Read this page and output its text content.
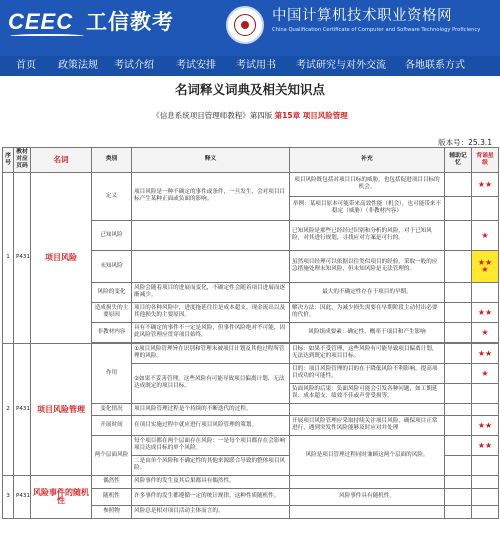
CEEC 工信教考	中国计算机技术职业资格网
China Qualification Certificate of Computer and Software Technology Proficiency
首页 政策法规 考试介绍 考试安排 考试用书 考试研究与对外交流 各地联系方式
名词释义词典及相关知识点
《信息系统项目管理师教程》第四版 第15章 项目风险管理
版本号：25.3.1
序号	教材对应页码	名词	类别	释义	补充	辅助记忆	背诵星级
1	P431	项目风险	定义	项目风险是一种不确定的事件或条件，一旦发生，会对项目目标产生某种正面或负面的影响。	项目风险既包括对项目目标的威胁，也包括促进项目目标的机会。		★★
					举例：某项目原本可能带来高效性能（机会），也可能带来不稳定（威胁）（非教材内容）		
			已知风险		已知风险是那些已经经过识别和分析的风险，对于已知风险，对其进行规划，寻找应对方案是可行的。		★
			未知风险		虽然项目经理可以依据以往类似项目的经验，采取一般的应急措施处理未知风险，但未知风险是无法管理的。		★★ ★
			风险的变化	风险会随着项目的进展而变化，不确定性会随着项目进展而逐渐减少。	最大的不确定性存在于项目的早期。		
			造成损失的主要原因	项目的各种风险中，进度拖延往往是成本超支、现金流出以及其他损失的主要原因。	解决方法：因此，为减少损失需要在早期阶段主动付出必要的代价。		★★
			非教材内容	具有不确定的事件不一定是风险，但事件风险绝对不可能，因此风险管理应贯穿项目始终。	风险组成要素：确定性、概率于项目和产生影响		★

2	P431	项目风险管理	作用	①项目风险管理旨在识别和管理未被项目计划及其他过程所管理的风险。	目标：如果不受管理，这些风险有可能导致项目偏离计划，无法达到既定的项目目标。		★★
				②如果不妥善管理，这些风险有可能导致项目偏离计划，无法达成既定的项目目标。	目的：项目风险管理的目的在于降低风险不利影响，提高项目成功的可能性。		★
					负面风险的后果：负面风险可能会引发各种问题，如工期延误、成本超支、绩效不佳或声誉受损等。		
			变化情况	项目风险管理过程是个持续的不断迭代的过程。			
			开展时间	在项目实施过程中就应进行项目风险管理的策划。	开展项目风险管理应采取持续关注项目风险，确保项目正常进行，遇到突发性风险能够及时应对并处理		★★
			两个层面风险	每个项目都在两个层面存在风险：一是每个项目都存在会影响项目达成目标的单个风险。	风险是项目管理过程同时兼顾这两个层面的风险。		★★
				二是由单个风险和不确定性的其他来源联合导致的整体项目风险。			
3	P431	风险事件的随机性	偶然性	风险事件的发生及其后果都具有偶然性。			
			随机性	许多事件的发生都遵循一定的统计规律，这种性质随机性。	风险事件具有随机性。		
			参照物	风险总是相对项目活动主体而言的。			
